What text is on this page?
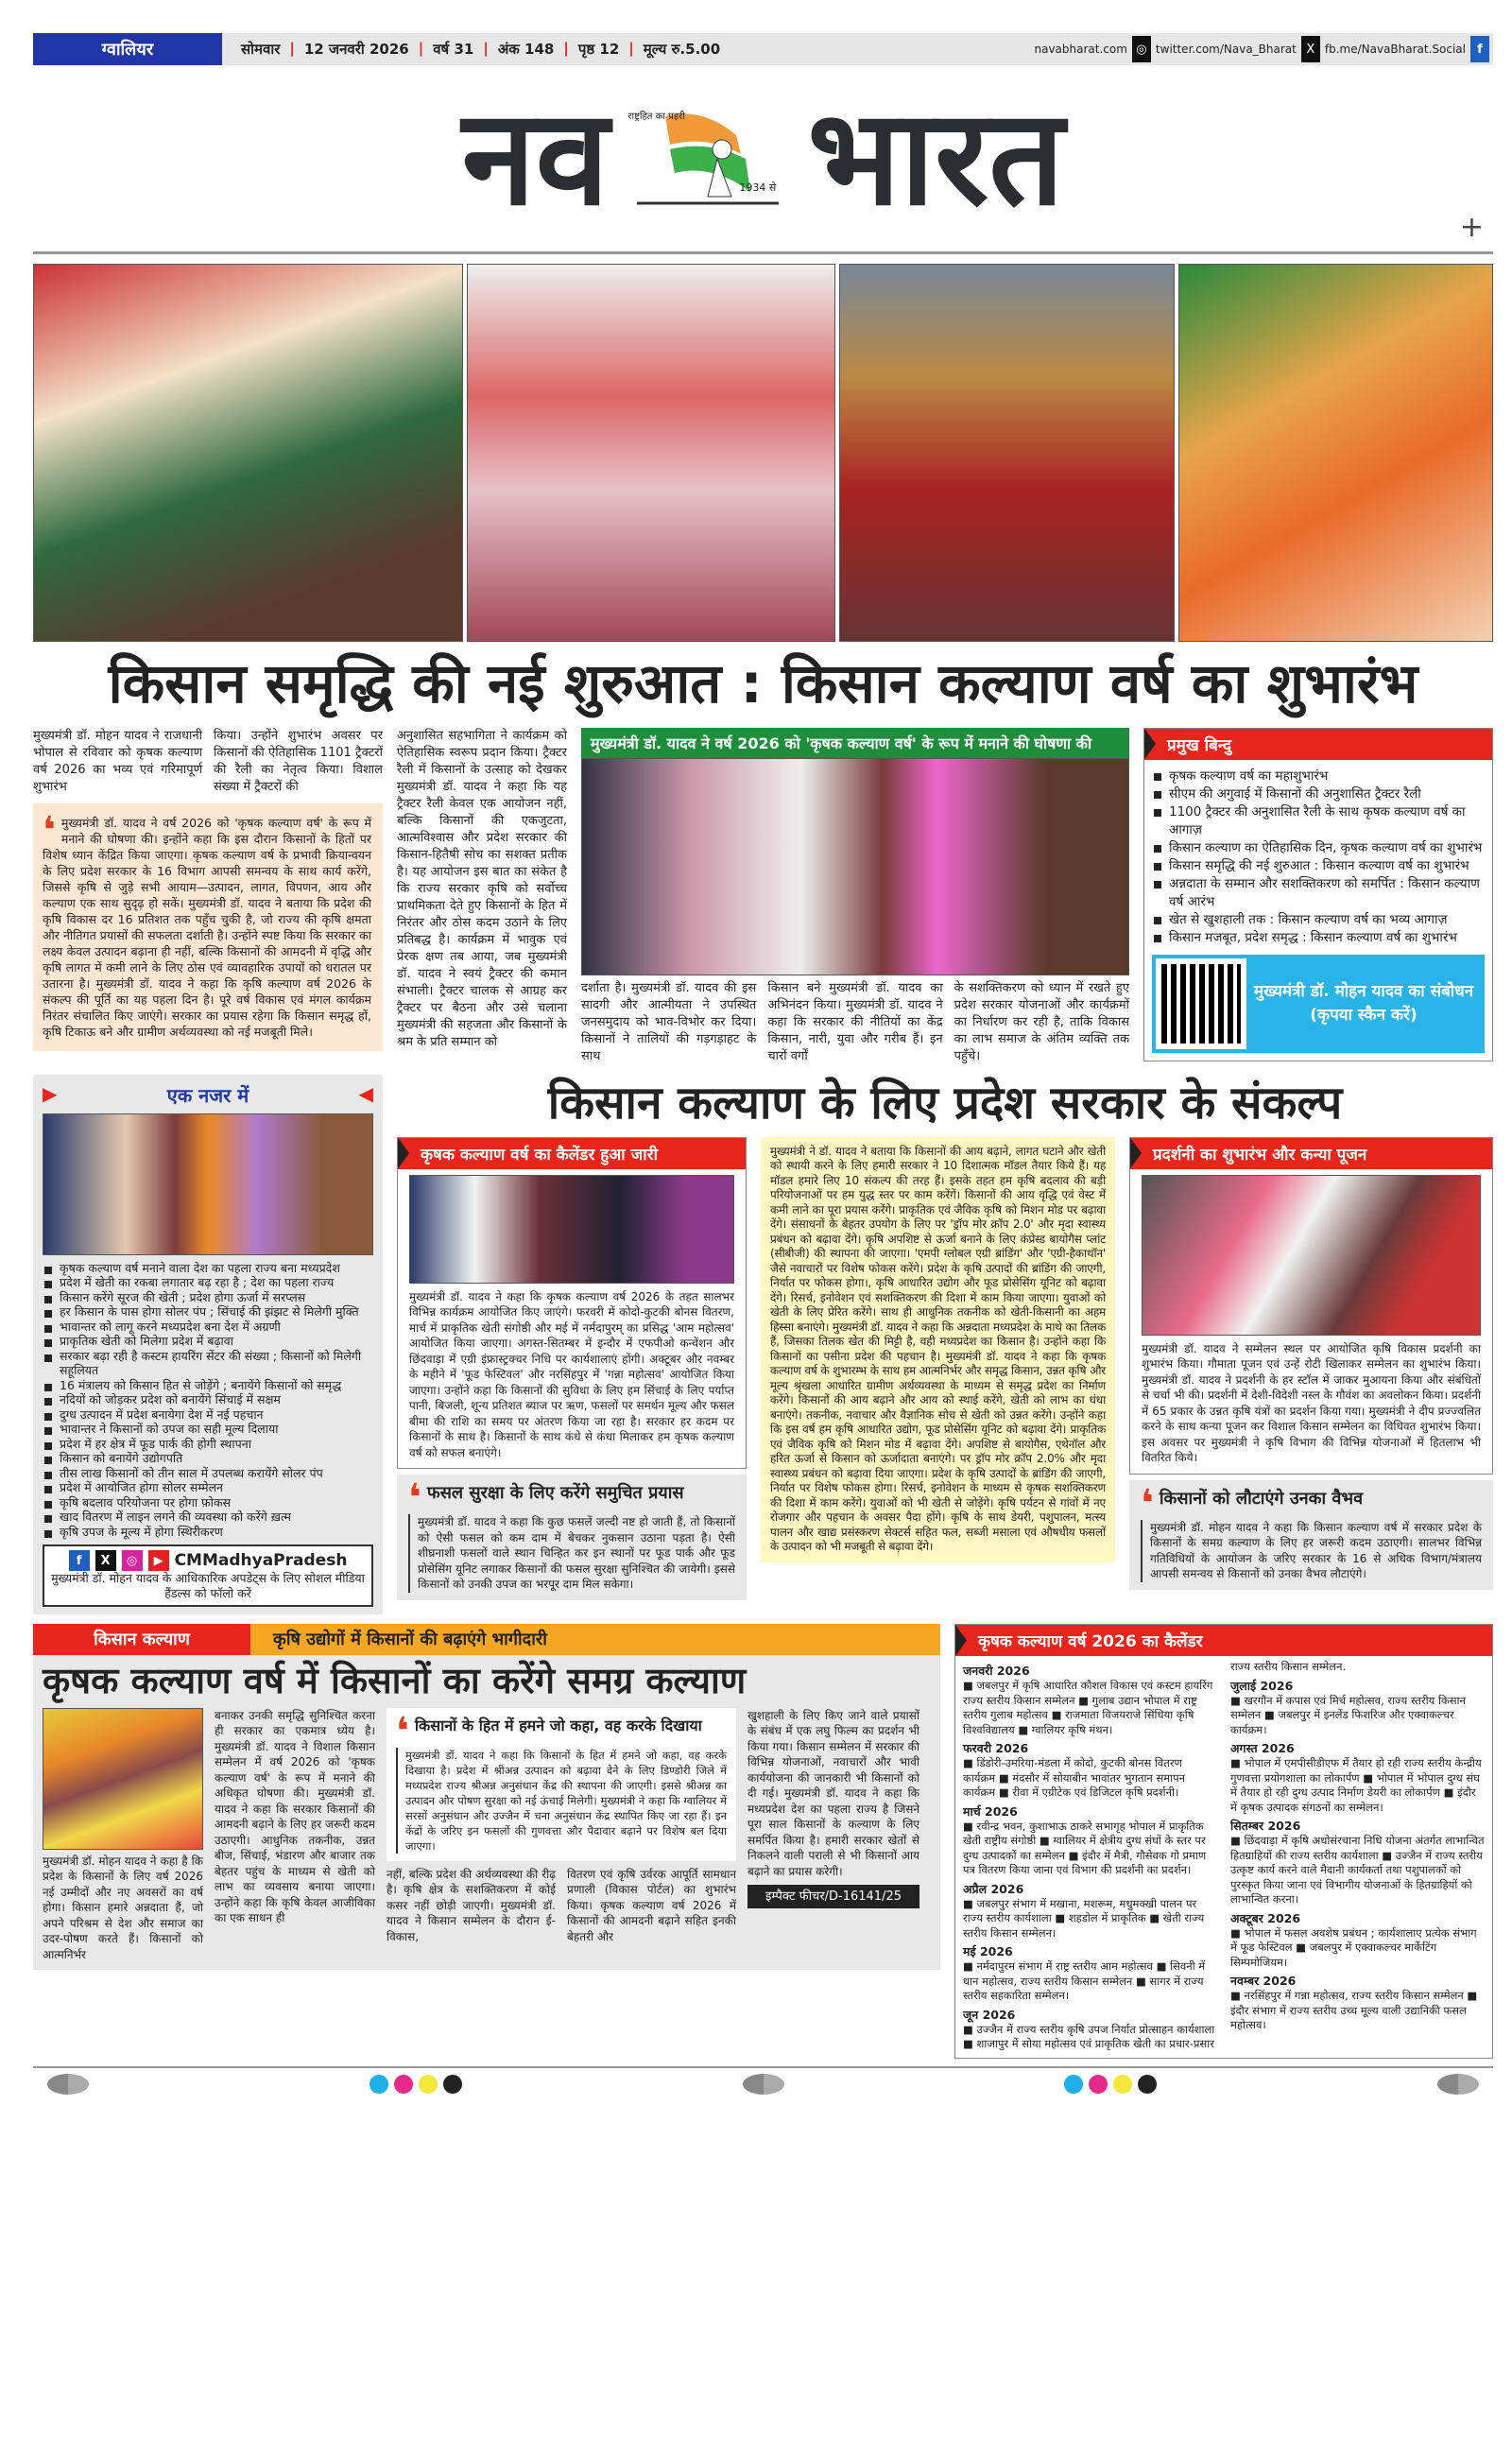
ग्वालियर	सोमवार | 12 जनवरी 2026 | वर्ष 31 | अंक 148 | पृष्ठ 12 | मूल्य रु.5.00	navabharat.com ◎ twitter.com/Nava_Bharat X fb.me/NavaBharat.Social f
नव राष्ट्रहित का प्रहरी
1934 से भारत	+
किसान समृद्धि की नई शुरुआत : किसान कल्याण वर्ष का शुभारंभ
मुख्यमंत्री डॉ. मोहन यादव ने राजधानी भोपाल से रविवार को कृषक कल्याण वर्ष 2026 का भव्य एवं गरिमापूर्ण शुभारंभ
किया। उन्होंने शुभारंभ अवसर पर किसानों की ऐतिहासिक 1101 ट्रैक्टरों की रैली का नेतृत्व किया। विशाल संख्या में ट्रैक्टरों की
❛ मुख्यमंत्री डॉ. यादव ने वर्ष 2026 को 'कृषक कल्याण वर्ष' के रूप में मनाने की घोषणा की। इन्होंने कहा कि इस दौरान किसानों के हितों पर विशेष ध्यान केंद्रित किया जाएगा। कृषक कल्याण वर्ष के प्रभावी क्रियान्वयन के लिए प्रदेश सरकार के 16 विभाग आपसी समन्वय के साथ कार्य करेंगे, जिससे कृषि से जुड़े सभी आयाम—उत्पादन, लागत, विपणन, आय और कल्याण एक साथ सुदृढ़ हो सकें। मुख्यमंत्री डॉ. यादव ने बताया कि प्रदेश की कृषि विकास दर 16 प्रतिशत तक पहुँच चुकी है, जो राज्य की कृषि क्षमता और नीतिगत प्रयासों की सफलता दर्शाती है। उन्होंने स्पष्ट किया कि सरकार का लक्ष्य केवल उत्पादन बढ़ाना ही नहीं, बल्कि किसानों की आमदनी में वृद्धि और कृषि लागत में कमी लाने के लिए ठोस एवं व्यावहारिक उपायों को धरातल पर उतारना है। मुख्यमंत्री डॉ. यादव ने कहा कि कृषि कल्याण वर्ष 2026 के संकल्प की पूर्ति का यह पहला दिन है। पूरे वर्ष विकास एवं मंगल कार्यक्रम निरंतर संचालित किए जाएंगे। सरकार का प्रयास रहेगा कि किसान समृद्ध हों, कृषि टिकाऊ बने और ग्रामीण अर्थव्यवस्था को नई मजबूती मिले।
अनुशासित सहभागिता ने कार्यक्रम को ऐतिहासिक स्वरूप प्रदान किया। ट्रैक्टर रैली में किसानों के उत्साह को देखकर मुख्यमंत्री डॉ. यादव ने कहा कि यह ट्रैक्टर रैली केवल एक आयोजन नहीं, बल्कि किसानों की एकजुटता, आत्मविश्वास और प्रदेश सरकार की किसान-हितैषी सोच का सशक्त प्रतीक है। यह आयोजन इस बात का संकेत है कि राज्य सरकार कृषि को सर्वोच्च प्राथमिकता देते हुए किसानों के हित में निरंतर और ठोस कदम उठाने के लिए प्रतिबद्ध है। कार्यक्रम में भावुक एवं प्रेरक क्षण तब आया, जब मुख्यमंत्री डॉ. यादव ने स्वयं ट्रैक्टर की कमान संभाली। ट्रैक्टर चालक से आग्रह कर ट्रैक्टर पर बैठना और उसे चलाना मुख्यमंत्री की सहजता और किसानों के श्रम के प्रति सम्मान को
मुख्यमंत्री डॉ. यादव ने वर्ष 2026 को 'कृषक कल्याण वर्ष' के रूप में मनाने की घोषणा की
दर्शाता है। मुख्यमंत्री डॉ. यादव की इस सादगी और आत्मीयता ने उपस्थित जनसमुदाय को भाव-विभोर कर दिया। किसानों ने तालियों की गड़गड़ाहट के साथ
किसान बने मुख्यमंत्री डॉ. यादव का अभिनंदन किया। मुख्यमंत्री डॉ. यादव ने कहा कि सरकार की नीतियों का केंद्र किसान, नारी, युवा और गरीब हैं। इन चारों वर्गों
के सशक्तिकरण को ध्यान में रखते हुए प्रदेश सरकार योजनाओं और कार्यक्रमों का निर्धारण कर रही है, ताकि विकास का लाभ समाज के अंतिम व्यक्ति तक पहुँचे।
प्रमुख बिन्दु
कृषक कल्याण वर्ष का महाशुभारंभ
सीएम की अगुवाई में किसानों की अनुशासित ट्रैक्टर रैली
1100 ट्रैक्टर की अनुशासित रैली के साथ कृषक कल्याण वर्ष का आगाज़
किसान कल्याण का ऐतिहासिक दिन, कृषक कल्याण वर्ष का शुभारंभ
किसान समृद्धि की नई शुरुआत : किसान कल्याण वर्ष का शुभारंभ
अन्नदाता के सम्मान और सशक्तिकरण को समर्पित : किसान कल्याण वर्ष आरंभ
खेत से खुशहाली तक : किसान कल्याण वर्ष का भव्य आगाज़
किसान मजबूत, प्रदेश समृद्ध : किसान कल्याण वर्ष का शुभारंभ
मुख्यमंत्री डॉ. मोहन यादव का संबोधन
(कृपया स्कैन करें)
▶	एक नजर में	◀
कृषक कल्याण वर्ष मनाने वाला देश का पहला राज्य बना मध्यप्रदेश
प्रदेश में खेती का रकबा लगातार बढ़ रहा है ; देश का पहला राज्य
किसान करेंगे सूरज की खेती ; प्रदेश होगा ऊर्जा में सरप्लस
हर किसान के पास होगा सोलर पंप ; सिंचाई की झंझट से मिलेगी मुक्ति
भावान्तर को लागू करने मध्यप्रदेश बना देश में अग्रणी
प्राकृतिक खेती को मिलेगा प्रदेश में बढ़ावा
सरकार बढ़ा रही है कस्टम हायरिंग सेंटर की संख्या ; किसानों को मिलेगी सहूलियत
16 मंत्रालय को किसान हित से जोड़ेंगे ; बनायेंगे किसानों को समृद्ध
नदियों को जोड़कर प्रदेश को बनायेंगे सिंचाई में सक्षम
दुग्ध उत्पादन में प्रदेश बनायेगा देश में नई पहचान
भावान्तर ने किसानों को उपज का सही मूल्य दिलाया
प्रदेश में हर क्षेत्र में फूड पार्क की होगी स्थापना
किसान को बनायेंगे उद्योगपति
तीस लाख किसानों को तीन साल में उपलब्ध करायेंगे सोलर पंप
प्रदेश में आयोजित होगा सोलर सम्मेलन
कृषि बदलाव परियोजना पर होगा फ़ोकस
खाद वितरण में लाइन लगने की व्यवस्था को करेंगे ख़त्म
कृषि उपज के मूल्य में होगा स्थिरीकरण
f	X	◎	▶ CMMadhyaPradesh
मुख्यमंत्री डॉ. मोहन यादव के आधिकारिक अपडेट्स के लिए सोशल मीडिया हैंडल्स को फॉलो करें
किसान कल्याण के लिए प्रदेश सरकार के संकल्प
कृषक कल्याण वर्ष का कैलेंडर हुआ जारी
मुख्यमंत्री डॉ. यादव ने कहा कि कृषक कल्याण वर्ष 2026 के तहत सालभर विभिन्न कार्यक्रम आयोजित किए जाएंगे। फरवरी में कोदो-कुटकी बोनस वितरण, मार्च में प्राकृतिक खेती संगोष्ठी और मई में नर्मदापुरम् का प्रसिद्ध 'आम महोत्सव' आयोजित किया जाएगा। अगस्त-सितम्बर में इन्दौर में एफपीओ कन्वेंशन और छिंदवाड़ा में एग्री इंफ्रास्ट्रक्चर निधि पर कार्यशालाएं होंगी। अक्टूबर और नवम्बर के महीने में 'फूड फेस्टिवल' और नरसिंहपुर में 'गन्ना महोत्सव' आयोजित किया जाएगा। उन्होंने कहा कि किसानों की सुविधा के लिए हम सिंचाई के लिए पर्याप्त पानी, बिजली, शून्य प्रतिशत ब्याज पर ऋण, फसलों पर समर्थन मूल्य और फसल बीमा की राशि का समय पर अंतरण किया जा रहा है। सरकार हर कदम पर किसानों के साथ है। किसानों के साथ कंधे से कंधा मिलाकर हम कृषक कल्याण वर्ष को सफल बनाएंगे।
❛ फसल सुरक्षा के लिए करेंगे समुचित प्रयास
मुख्यमंत्री डॉ. यादव ने कहा कि कुछ फसलें जल्दी नष्ट हो जाती हैं, तो किसानों को ऐसी फसल को कम दाम में बेचकर नुकसान उठाना पड़ता है। ऐसी शीघ्रनाशी फसलों वाले स्थान चिन्हित कर इन स्थानों पर फूड पार्क और फूड प्रोसेसिंग यूनिट लगाकर किसानों की फसल सुरक्षा सुनिश्चित की जायेगी। इससे किसानों को उनकी उपज का भरपूर दाम मिल सकेगा।
मुख्यमंत्री ने डॉ. यादव ने बताया कि किसानों की आय बढ़ाने, लागत घटाने और खेती को स्थायी करने के लिए हमारी सरकार ने 10 दिशात्मक मॉडल तैयार किये हैं। यह मॉडल हमारे लिए 10 संकल्प की तरह हैं। इसके तहत हम कृषि बदलाव की बड़ी परियोजनाओं पर हम युद्ध स्तर पर काम करेंगें। किसानों की आय वृद्धि एवं वेस्ट में कमी लाने का पूरा प्रयास करेंगे। प्राकृतिक एवं जैविक कृषि को मिशन मोड पर बढ़ावा देंगे। संसाधनों के बेहतर उपयोग के लिए पर 'ड्रॉप मोर क्रॉप 2.0' और मृदा स्वास्थ्य प्रबंधन को बढ़ावा देंगे। कृषि अपशिष्ट से ऊर्जा बनाने के लिए कंप्रेस्ड बायोगैस प्लांट (सीबीजी) की स्थापना की जाएगा। 'एमपी ग्लोबल एग्री ब्रांडिंग' और 'एग्री-हैकाथॉन' जैसे नवाचारों पर विशेष फोकस करेंगे। प्रदेश के कृषि उत्पादों की ब्रांडिंग की जाएगी, निर्यात पर फोकस होगा।, कृषि आधारित उद्योग और फूड प्रोसेसिंग यूनिट को बढ़ावा देंगे। रिसर्च, इनोवेशन एवं सशक्तिकरण की दिशा में काम किया जाएगा। युवाओं को खेती के लिए प्रेरित करेंगे। साथ ही आधुनिक तकनीक को खेती-किसानी का अहम हिस्सा बनाएंगे। मुख्यमंत्री डॉ. यादव ने कहा कि अन्नदाता मध्यप्रदेश के माथे का तिलक हैं, जिसका तिलक खेत की मिट्टी है, वही मध्यप्रदेश का किसान है। उन्होंने कहा कि किसानों का पसीना प्रदेश की पहचान है। मुख्यमंत्री डॉ. यादव ने कहा कि कृषक कल्याण वर्ष के शुभारम्भ के साथ हम आत्मनिर्भर और समृद्ध किसान, उन्नत कृषि और मूल्य श्रृंखला आधारित ग्रामीण अर्थव्यवस्था के माध्यम से समृद्ध प्रदेश का निर्माण करेंगे। किसानों की आय बढ़ाने और आय को स्थाई करेंगे, खेती को लाभ का धंधा बनाएंगे। तकनीक, नवाचार और वैज्ञानिक सोच से खेती को उन्नत करेंगे। उन्होंने कहा कि इस वर्ष हम कृषि आधारित उद्योग, फूड प्रोसेसिंग यूनिट को बढ़ावा देंगे। प्राकृतिक एवं जैविक कृषि को मिशन मोड में बढ़ावा देंगे। अपशिष्ट से बायोगैस, एथेनॉल और हरित ऊर्जा से किसान को ऊर्जादाता बनाएंगे। पर ड्रॉप मोर क्रॉप 2.0% और मृदा स्वास्थ्य प्रबंधन को बढ़ावा दिया जाएगा। प्रदेश के कृषि उत्पादों के ब्रांडिंग की जाएगी, निर्यात पर विशेष फोकस होगा। रिसर्च, इनोवेशन के माध्यम से कृषक सशक्तिकरण की दिशा में काम करेंगे। युवाओं को भी खेती से जोड़ेंगे। कृषि पर्यटन से गांवों में नए रोजगार और पहचान के अवसर पैदा होंगे। कृषि के साथ डेयरी, पशुपालन, मत्स्य पालन और खाद्य प्रसंस्करण सेक्टर्स सहित फल, सब्जी मसाला एवं औषधीय फसलों के उत्पादन को भी मजबूती से बढ़ावा देंगे।
प्रदर्शनी का शुभारंभ और कन्या पूजन
मुख्यमंत्री डॉ. यादव ने सम्मेलन स्थल पर आयोजित कृषि विकास प्रदर्शनी का शुभारंभ किया। गौमाता पूजन एवं उन्हें रोटी खिलाकर सम्मेलन का शुभारंभ किया। मुख्यमंत्री डॉ. यादव ने प्रदर्शनी के हर स्टॉल में जाकर मुआयना किया और संबंधितों से चर्चा भी की। प्रदर्शनी में देशी-विदेशी नस्ल के गौवंश का अवलोकन किया। प्रदर्शनी में 65 प्रकार के उन्नत कृषि यंत्रों का प्रदर्शन किया गया। मुख्यमंत्री ने दीप प्रज्ज्वलित करने के साथ कन्या पूजन कर विशाल किसान सम्मेलन का विधिवत शुभारंभ किया। इस अवसर पर मुख्यमंत्री ने कृषि विभाग की विभिन्न योजनाओं में हितलाभ भी वितरित किये।
❛ किसानों को लौटाएंगे उनका वैभव
मुख्यमंत्री डॉ. मोहन यादव ने कहा कि किसान कल्याण वर्ष में सरकार प्रदेश के किसानों के समग्र कल्याण के लिए हर जरूरी कदम उठाएगी। सालभर विभिन्न गतिविधियों के आयोजन के जरिए सरकार के 16 से अधिक विभाग/मंत्रालय आपसी समन्वय से किसानों को उनका वैभव लौटाएंगे।
किसान कल्याण	कृषि उद्योगों में किसानों की बढ़ाएंगे भागीदारी
कृषक कल्याण वर्ष में किसानों का करेंगे समग्र कल्याण
मुख्यमंत्री डॉ. मोहन यादव ने कहा है कि प्रदेश के किसानों के लिए वर्ष 2026 नई उम्मीदों और नए अवसरों का वर्ष होगा। किसान हमारे अन्नदाता हैं, जो अपने परिश्रम से देश और समाज का उदर-पोषण करते हैं। किसानों को आत्मनिर्भर
बनाकर उनकी समृद्धि सुनिश्चित करना ही सरकार का एकमात्र ध्येय है। मुख्यमंत्री डॉ. यादव ने विशाल किसान सम्मेलन में वर्ष 2026 को 'कृषक कल्याण वर्ष' के रूप में मनाने की अधिकृत घोषणा की। मुख्यमंत्री डॉ. यादव ने कहा कि सरकार किसानों की आमदनी बढ़ाने के लिए हर जरूरी कदम उठाएगी। आधुनिक तकनीक, उन्नत बीज, सिंचाई, भंडारण और बाजार तक बेहतर पहुंच के माध्यम से खेती को लाभ का व्यवसाय बनाया जाएगा। उन्होंने कहा कि कृषि केवल आजीविका का एक साधन ही
❛ किसानों के हित में हमने जो कहा, वह करके दिखाया
मुख्यमंत्री डॉ. यादव ने कहा कि किसानों के हित में हमने जो कहा, वह करके दिखाया है। प्रदेश में श्रीअन्न उत्पादन को बढ़ावा देने के लिए डिण्डोरी जिले में मध्यप्रदेश राज्य श्रीअन्न अनुसंधान केंद्र की स्थापना की जाएगी। इससे श्रीअन्न का उत्पादन और पोषण सुरक्षा को नई ऊंचाई मिलेगी। मुख्यमंत्री ने कहा कि ग्वालियर में सरसों अनुसंधान और उज्जैन में चना अनुसंधान केंद्र स्थापित किए जा रहा हैं। इन केंद्रों के जरिए इन फसलों की गुणवत्ता और पैदावार बढ़ाने पर विशेष बल दिया जाएगा।
नहीं, बल्कि प्रदेश की अर्थव्यवस्था की रीढ़ है। कृषि क्षेत्र के सशक्तिकरण में कोई कसर नहीं छोड़ी जाएगी। मुख्यमंत्री डॉ. यादव ने किसान सम्मेलन के दौरान ई-विकास,
वितरण एवं कृषि उर्वरक आपूर्ति सामधान प्रणाली (विकास पोर्टल) का शुभारंभ किया। कृषक कल्याण वर्ष 2026 में किसानों की आमदनी बढ़ाने सहित इनकी बेहतरी और
खुशहाली के लिए किए जाने वाले प्रयासों के संबंध में एक लघु फिल्म का प्रदर्शन भी किया गया। किसान सम्मेलन में सरकार की विभिन्न योजनाओं, नवाचारों और भावी कार्ययोजना की जानकारी भी किसानों को दी गई। मुख्यमंत्री डॉ. यादव ने कहा कि मध्यप्रदेश देश का पहला राज्य है जिसने पूरा साल किसानों के कल्याण के लिए समर्पित किया है। हमारी सरकार खेतों से निकलने वाली पराली से भी किसानों आय बढ़ाने का प्रयास करेगी।
इम्पैक्ट फीचर/D-16141/25
कृषक कल्याण वर्ष 2026 का कैलेंडर
जनवरी 2026

■ जबलपुर में कृषि आधारित कौशल विकास एवं कस्टम हायरिंग राज्य स्तरीय किसान सम्मेलन ■ गुलाब उद्यान भोपाल में राष्ट्र स्तरीय गुलाब महोत्सव ■ राजमाता विजयराजे सिंधिया कृषि विश्वविद्यालय ■ ग्वालियर कृषि मंथन।

फरवरी 2026

■ डिंडोरी-उमरिया-मंडला में कोदो, कुटकी बोनस वितरण कार्यक्रम ■ मंदसौर में सोयाबीन भावांतर भुगतान समापन कार्यक्रम ■ रीवा में एग्रीटेक एवं डिजिटल कृषि प्रदर्शनी।

मार्च 2026

■ रवीन्द्र भवन, कुशाभाऊ ठाकरे सभागृह भोपाल में प्राकृतिक खेती राष्ट्रीय संगोष्ठी ■ ग्वालियर में क्षेत्रीय दुग्ध संघों के स्तर पर दुग्ध उत्पादकों का सम्मेलन ■ इंदौर में मैत्री, गौसेवक गो प्रमाण पत्र वितरण किया जाना एवं विभाग की प्रदर्शनी का प्रदर्शन।

अप्रैल 2026

■ जबलपुर संभाग में मखाना, मशरूम, मधुमक्खी पालन पर राज्य स्तरीय कार्यशाला ■ शहडोल में प्राकृतिक ■ खेती राज्य स्तरीय किसान सम्मेलन।

मई 2026

■ नर्मदापुरम संभाग में राष्ट्र स्तरीय आम महोत्सव ■ सिवनी में धान महोत्सव, राज्य स्तरीय किसान सम्मेलन ■ सागर में राज्य स्तरीय सहकारिता सम्मेलन।

जून 2026

■ उज्जैन में राज्य स्तरीय कृषि उपज निर्यात प्रोत्साहन कार्यशाला ■ शाजापुर में सोया महोत्सव एवं प्राकृतिक खेती का प्रचार-प्रसार राज्य स्तरीय किसान सम्मेलन.

जुलाई 2026

■ खरगौन में कपास एवं मिर्च महोत्सव, राज्य स्तरीय किसान सम्मेलन ■ जबलपुर में इनलेंड फिशरिज और एक्वाकल्चर कार्यक्रम।

अगस्त 2026

■ भोपाल में एमपीसीडीएफ में तैयार हो रही राज्य स्तरीय केन्द्रीय गुणवत्ता प्रयोगशाला का लोकार्पण ■ भोपाल में भोपाल दुग्ध संघ में तैयार हो रही दुग्ध उत्पाद निर्माण डेयरी का लोकार्पण ■ इंदौर में कृषक उत्पादक संगठनों का सम्मेलन।

सितम्बर 2026

■ छिंदवाड़ा में कृषि अधोसंरचाना निधि योजना अंतर्गत लाभान्वित हितग्राहियों की राज्य स्तरीय कार्यशाला ■ उज्जैन में राज्य स्तरीय उत्कृष्ट कार्य करने वाले मैदानी कार्यकर्ता तथा पशुपालकों को पुरस्कृत किया जाना एवं विभागीय योजनाओं के हितग्राहियों को लाभान्वित करना।

अक्टूबर 2026

■ भोपाल में फसल अवशेष प्रबंधन ; कार्यशालाए प्रत्येक संभाग में फूड फेस्टिवल ■ जबलपुर में एक्वाकल्चर मार्केटिंग सिम्पमोजियम।

नवम्बर 2026

■ नरसिंहपुर में गन्ना महोत्सव, राज्य स्तरीय किसान सम्मेलन ■ इंदौर संभाग में राज्य स्तरीय उच्च मूल्य वाली उद्यानिकी फसल महोत्सव।
